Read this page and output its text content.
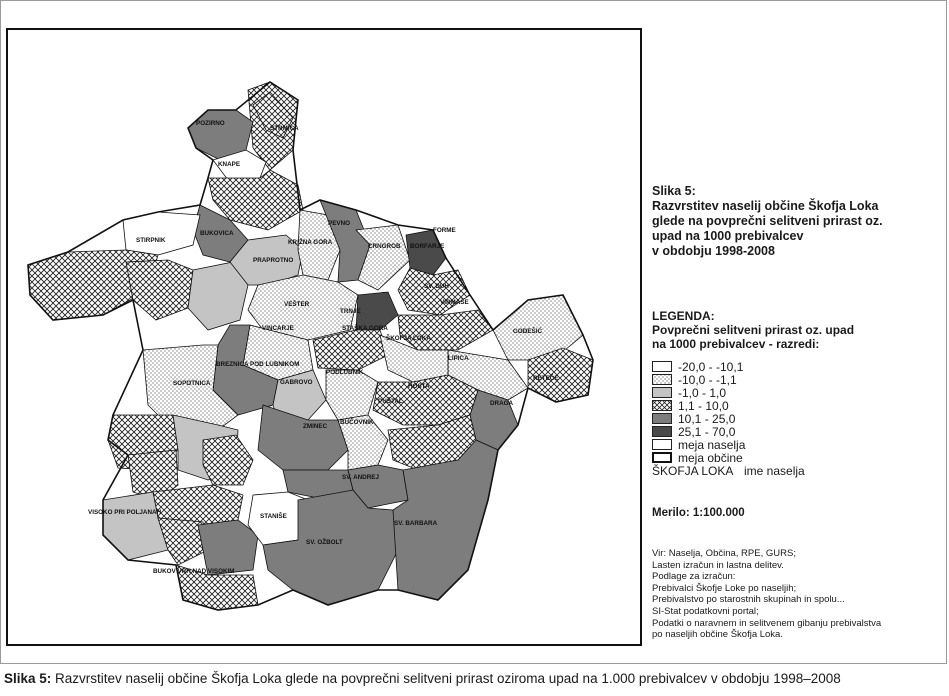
POZIRNO
STRMICA
KNAPE
VEŠTER
BUKOVICA
STIRPNIK
PEVNO
CRNGROB BORFARJE
PRAPROTNO
KRIŽNA GORA
VINCARJE
ŠKOFJA LOKA
GODEŠIĆ
STAŠKA GORA
TRNJE
SOPOTNICA
BREZNICA POD LUBNIKOM
GABROVO
PODLUBNIK
LIPICA
PUŠTAL
FORME
STANIŠE
SV. BARBARA
SV. OŽBOLT
SV. ANDREJ
VISOKO PRI POLJANAH
BUKOV VRH NAD VISOKIM
ZMINEC
RETEČE
VIRMAŠE
DRAGA
HOSTA
SV. DUH
BUČOVNIK
Slika 5:
Razvrstitev naselij občine Škofja Loka
glede na povprečni selitveni prirast oz.
upad na 1000 prebivalcev
v obdobju 1998-2008
LEGENDA:
Povprečni selitveni prirast oz. upad
na 1000 prebivalcev - razredi:
-20,0 - -10,1
-10,0 - -1,1
-1,0 - 1,0
1,1 - 10,0
10,1 - 25,0
25,1 - 70,0
meja naselja
meja občine
ŠKOFJA LOKA ime naselja
Merilo: 1:100.000
Vir: Naselja, Občina, RPE, GURS;
Lasten izračun in lastna delitev.
Podlage za izračun:
Prebivalci Škofje Loke po naseljih;
Prebivalstvo po starostnih skupinah in spolu...
SI-Stat podatkovni portal;
Podatki o naravnem in selitvenem gibanju prebivalstva
po naseljih občine Škofja Loka.
Slika 5: Razvrstitev naselij občine Škofja Loka glede na povprečni selitveni prirast oziroma upad na 1.000 prebivalcev v obdobju 1998–2008
